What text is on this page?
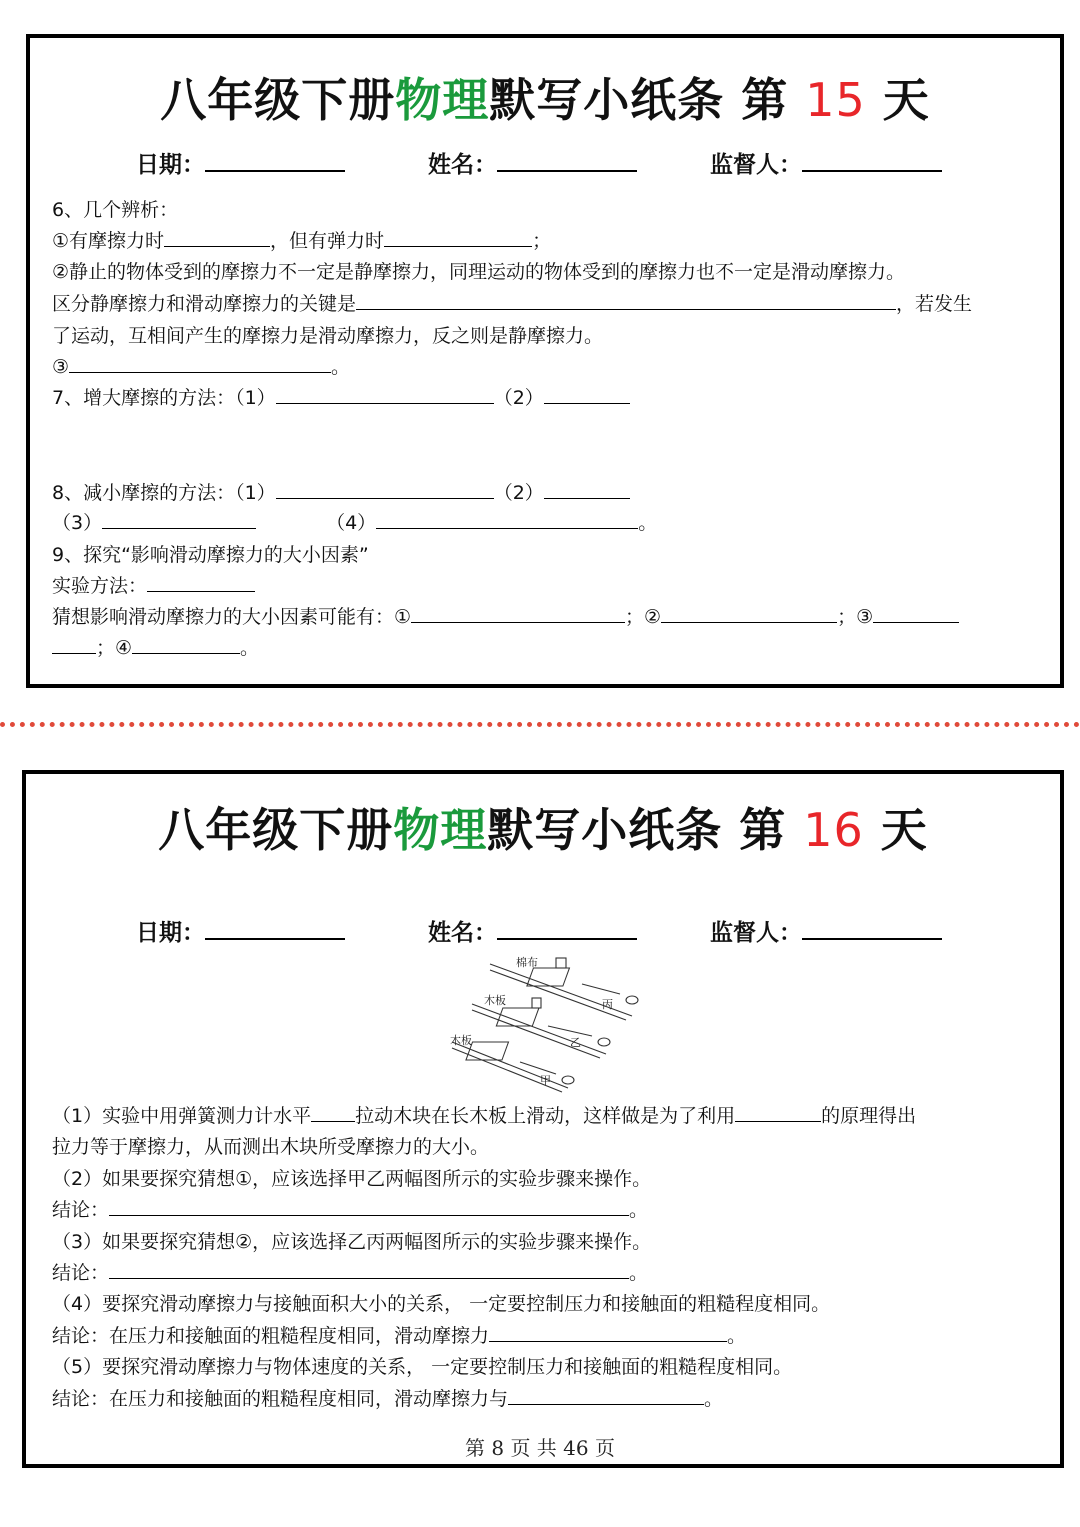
八年级下册物理默写小纸条 第 15 天
日期：	姓名：	监督人：
6、几个辨析：
①有摩擦力时	，但有弹力时	；
②静止的物体受到的摩擦力不一定是静摩擦力，同理运动的物体受到的摩擦力也不一定是滑动摩擦力。
区分静摩擦力和滑动摩擦力的关键是	，若发生
了运动，互相间产生的摩擦力是滑动摩擦力，反之则是静摩擦力。
③	。
7、增大摩擦的方法：（1）	（2）
8、减小摩擦的方法：（1）	（2）
（3）	（4）	。
9、探究“影响滑动摩擦力的大小因素”
实验方法：
猜想影响滑动摩擦力的大小因素可能有：①	；②	；③
；④	。
八年级下册物理默写小纸条 第 16 天
日期：	姓名：	监督人：
（1）实验中用弹簧测力计水平 拉动木块在长木板上滑动，这样做是为了利用	的原理得出
拉力等于摩擦力，从而测出木块所受摩擦力的大小。
（2）如果要探究猜想①，应该选择甲乙两幅图所示的实验步骤来操作。
结论：	。
（3）如果要探究猜想②，应该选择乙丙两幅图所示的实验步骤来操作。
结论：	。
（4）要探究滑动摩擦力与接触面积大小的关系， 一定要控制压力和接触面的粗糙程度相同。
结论：在压力和接触面的粗糙程度相同，滑动摩擦力	。
（5）要探究滑动摩擦力与物体速度的关系， 一定要控制压力和接触面的粗糙程度相同。
结论：在压力和接触面的粗糙程度相同，滑动摩擦力与	。
棉布
木板
木板
丙
乙
甲
第 8 页 共 46 页
